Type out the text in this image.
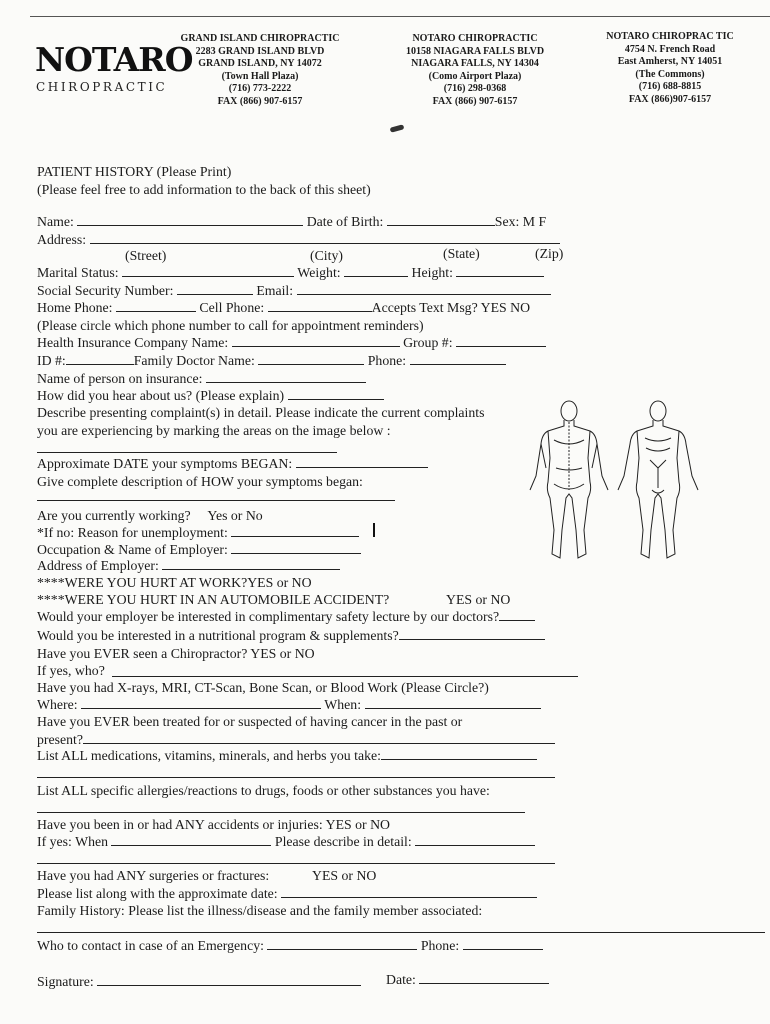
NOTARO
CHIROPRACTIC
GRAND ISLAND CHIROPRACTIC
2283 GRAND ISLAND BLVD
GRAND ISLAND, NY 14072
(Town Hall Plaza)
(716) 773-2222
FAX (866) 907-6157
NOTARO CHIROPRACTIC
10158 NIAGARA FALLS BLVD
NIAGARA FALLS, NY 14304
(Como Airport Plaza)
(716) 298-0368
FAX (866) 907-6157
NOTARO CHIROPRAC TIC
4754 N. French Road
East Amherst, NY 14051
(The Commons)
(716) 688-8815
FAX (866)907-6157
PATIENT HISTORY (Please Print)
(Please feel free to add information to the back of this sheet)
Name:	Date of Birth:	Sex: M F
Address:
(Street)	(City)	(State)	(Zip)
Marital Status:	Weight:	Height:
Social Security Number:	Email:
Home Phone:	Cell Phone:	Accepts Text Msg? YES NO
(Please circle which phone number to call for appointment reminders)
Health Insurance Company Name:	Group #:
ID #:	Family Doctor Name:	Phone:
Name of person on insurance:
How did you hear about us? (Please explain)
Describe presenting complaint(s) in detail. Please indicate the current complaints
you are experiencing by marking the areas on the image below :
Approximate DATE your symptoms BEGAN:
Give complete description of HOW your symptoms began:
Are you currently working? Yes or No
*If no: Reason for unemployment:
Occupation & Name of Employer:
Address of Employer:
****WERE YOU HURT AT WORK?YES or NO
****WERE YOU HURT IN AN AUTOMOBILE ACCIDENT?	YES or NO
Would your employer be interested in complimentary safety lecture by our doctors?
Would you be interested in a nutritional program & supplements?
Have you EVER seen a Chiropractor? YES or NO
If yes, who?
Have you had X-rays, MRI, CT-Scan, Bone Scan, or Blood Work (Please Circle?)
Where:	When:
Have you EVER been treated for or suspected of having cancer in the past or
present?
List ALL medications, vitamins, minerals, and herbs you take:
List ALL specific allergies/reactions to drugs, foods or other substances you have:
Have you been in or had ANY accidents or injuries: YES or NO
If yes: When	Please describe in detail:
Have you had ANY surgeries or fractures:	YES or NO
Please list along with the approximate date:
Family History: Please list the illness/disease and the family member associated:
Who to contact in case of an Emergency:	Phone:
Signature:	Date:
